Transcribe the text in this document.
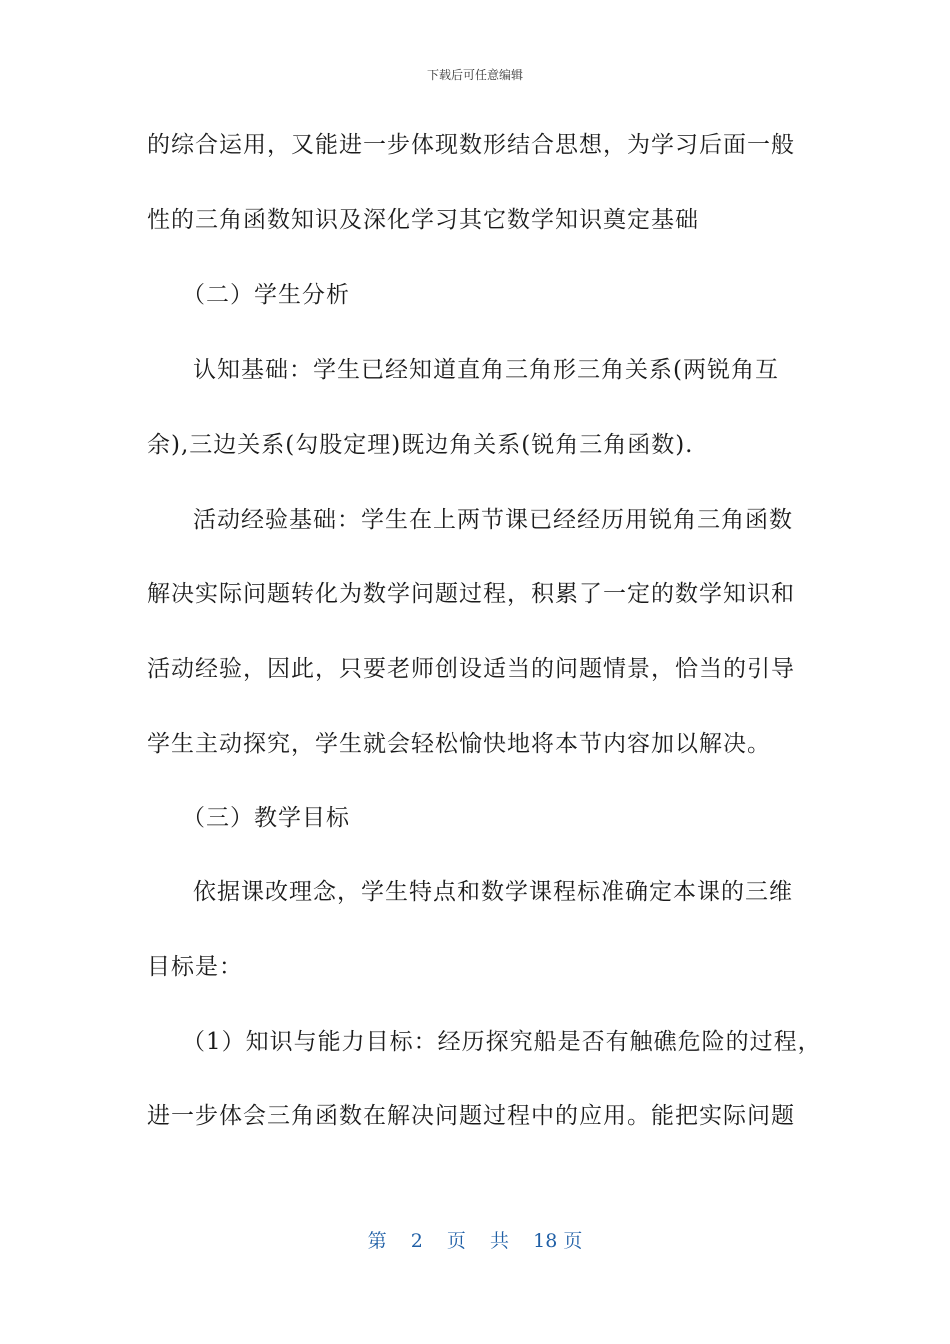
下载后可任意编辑
的综合运用，又能进一步体现数形结合思想，为学习后面一般
性的三角函数知识及深化学习其它数学知识奠定基础
（二）学生分析
认知基础：学生已经知道直角三角形三角关系(两锐角互
余),三边关系(勾股定理)既边角关系(锐角三角函数).
活动经验基础：学生在上两节课已经经历用锐角三角函数
解决实际问题转化为数学问题过程，积累了一定的数学知识和
活动经验，因此，只要老师创设适当的问题情景，恰当的引导
学生主动探究，学生就会轻松愉快地将本节内容加以解决。
（三）教学目标
依据课改理念，学生特点和数学课程标准确定本课的三维
目标是：
（1）知识与能力目标：经历探究船是否有触礁危险的过程，
进一步体会三角函数在解决问题过程中的应用。能把实际问题
第 2 页 共 18 页
